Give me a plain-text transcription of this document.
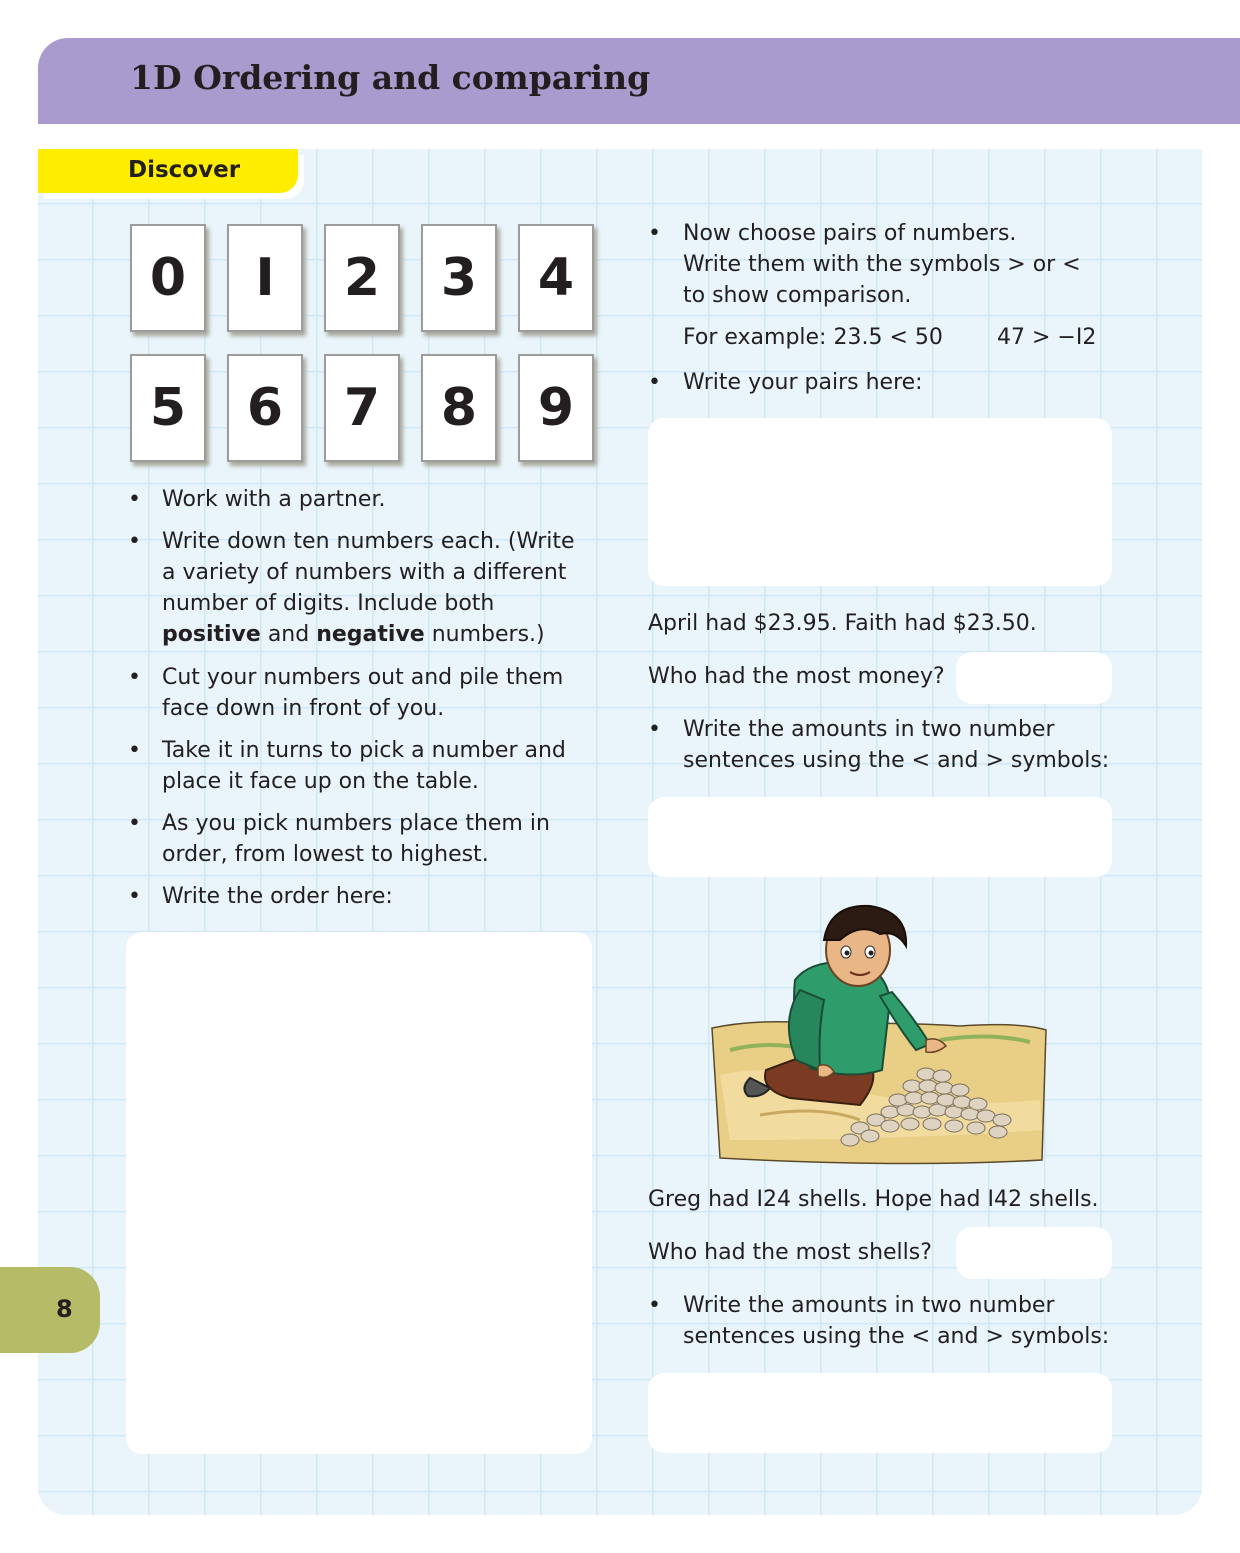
1D Ordering and comparing
Discover
0	I	2	3	4
5	6	7	8	9
• Work with a partner.
• Write down ten numbers each. (Write
a variety of numbers with a different
number of digits. Include both
positive and negative numbers.)
• Cut your numbers out and pile them
face down in front of you.
• Take it in turns to pick a number and
place it face up on the table.
• As you pick numbers place them in
order, from lowest to highest.
• Write the order here:
• Now choose pairs of numbers.
Write them with the symbols > or <
to show comparison.
For example: 23.5 < 50 47 > −I2
• Write your pairs here:
April had $23.95. Faith had $23.50.
Who had the most money?
• Write the amounts in two number
sentences using the < and > symbols:
Greg had I24 shells. Hope had I42 shells.
Who had the most shells?
• Write the amounts in two number
sentences using the < and > symbols:
8
